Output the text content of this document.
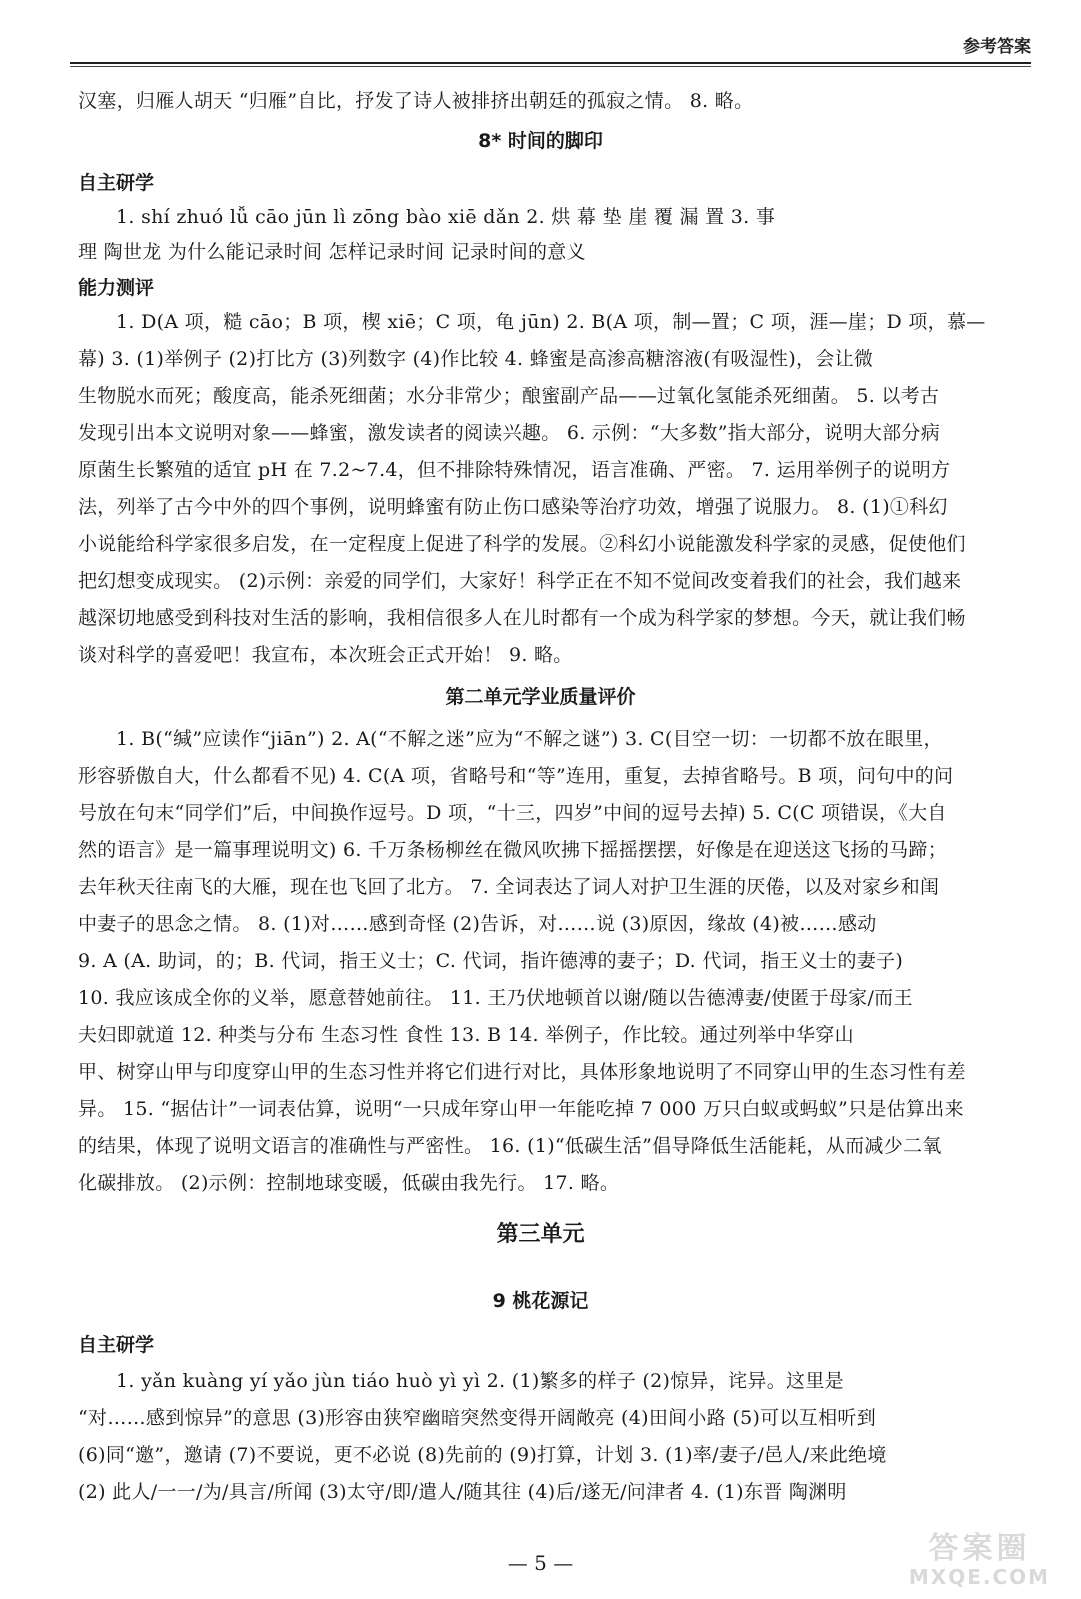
参考答案
汉塞，归雁人胡天 “归雁”自比，抒发了诗人被排挤出朝廷的孤寂之情。 8. 略。
8* 时间的脚印
自主研学
1. shí zhuó lǚ cāo jūn lì zōng bào xiē dǎn 2. 烘 幕 垫 崖 覆 漏 置 3. 事
理 陶世龙 为什么能记录时间 怎样记录时间 记录时间的意义
能力测评
1. D(A 项，糙 cāo；B 项，楔 xiē；C 项，龟 jūn) 2. B(A 项，制—置；C 项，涯—崖；D 项，慕—
幕) 3. (1)举例子 (2)打比方 (3)列数字 (4)作比较 4. 蜂蜜是高渗高糖溶液(有吸湿性)，会让微
生物脱水而死；酸度高，能杀死细菌；水分非常少；酿蜜副产品——过氧化氢能杀死细菌。 5. 以考古
发现引出本文说明对象——蜂蜜，激发读者的阅读兴趣。 6. 示例：“大多数”指大部分，说明大部分病
原菌生长繁殖的适宜 pH 在 7.2~7.4，但不排除特殊情况，语言准确、严密。 7. 运用举例子的说明方
法，列举了古今中外的四个事例，说明蜂蜜有防止伤口感染等治疗功效，增强了说服力。 8. (1)①科幻
小说能给科学家很多启发，在一定程度上促进了科学的发展。②科幻小说能激发科学家的灵感，促使他们
把幻想变成现实。 (2)示例：亲爱的同学们，大家好！科学正在不知不觉间改变着我们的社会，我们越来
越深切地感受到科技对生活的影响，我相信很多人在儿时都有一个成为科学家的梦想。今天，就让我们畅
谈对科学的喜爱吧！我宣布，本次班会正式开始！ 9. 略。
第二单元学业质量评价
1. B(“缄”应读作“jiān”) 2. A(“不解之迷”应为“不解之谜”) 3. C(目空一切：一切都不放在眼里，
形容骄傲自大，什么都看不见) 4. C(A 项，省略号和“等”连用，重复，去掉省略号。B 项，问句中的问
号放在句末“同学们”后，中间换作逗号。D 项，“十三，四岁”中间的逗号去掉) 5. C(C 项错误，《大自
然的语言》是一篇事理说明文) 6. 千万条杨柳丝在微风吹拂下摇摇摆摆，好像是在迎送这飞扬的马蹄；
去年秋天往南飞的大雁，现在也飞回了北方。 7. 全词表达了词人对护卫生涯的厌倦，以及对家乡和闺
中妻子的思念之情。 8. (1)对……感到奇怪 (2)告诉，对……说 (3)原因，缘故 (4)被……感动
9. A (A. 助词，的；B. 代词，指王义士；C. 代词，指许德溥的妻子；D. 代词，指王义士的妻子)
10. 我应该成全你的义举，愿意替她前往。 11. 王乃伏地顿首以谢/随以告德溥妻/使匿于母家/而王
夫妇即就道 12. 种类与分布 生态习性 食性 13. B 14. 举例子，作比较。通过列举中华穿山
甲、树穿山甲与印度穿山甲的生态习性并将它们进行对比，具体形象地说明了不同穿山甲的生态习性有差
异。 15. “据估计”一词表估算，说明“一只成年穿山甲一年能吃掉 7 000 万只白蚁或蚂蚁”只是估算出来
的结果，体现了说明文语言的准确性与严密性。 16. (1)“低碳生活”倡导降低生活能耗，从而减少二氧
化碳排放。 (2)示例：控制地球变暖，低碳由我先行。 17. 略。
第三单元
9 桃花源记
自主研学
1. yǎn kuàng yí yǎo jùn tiáo huò yì yì 2. (1)繁多的样子 (2)惊异，诧异。这里是
“对……感到惊异”的意思 (3)形容由狭窄幽暗突然变得开阔敞亮 (4)田间小路 (5)可以互相听到
(6)同“邀”，邀请 (7)不要说，更不必说 (8)先前的 (9)打算，计划 3. (1)率/妻子/邑人/来此绝境
(2) 此人/一一/为/具言/所闻 (3)太守/即/遣人/随其往 (4)后/遂无/问津者 4. (1)东晋 陶渊明
— 5 —	答案圈
MXQE.COM
